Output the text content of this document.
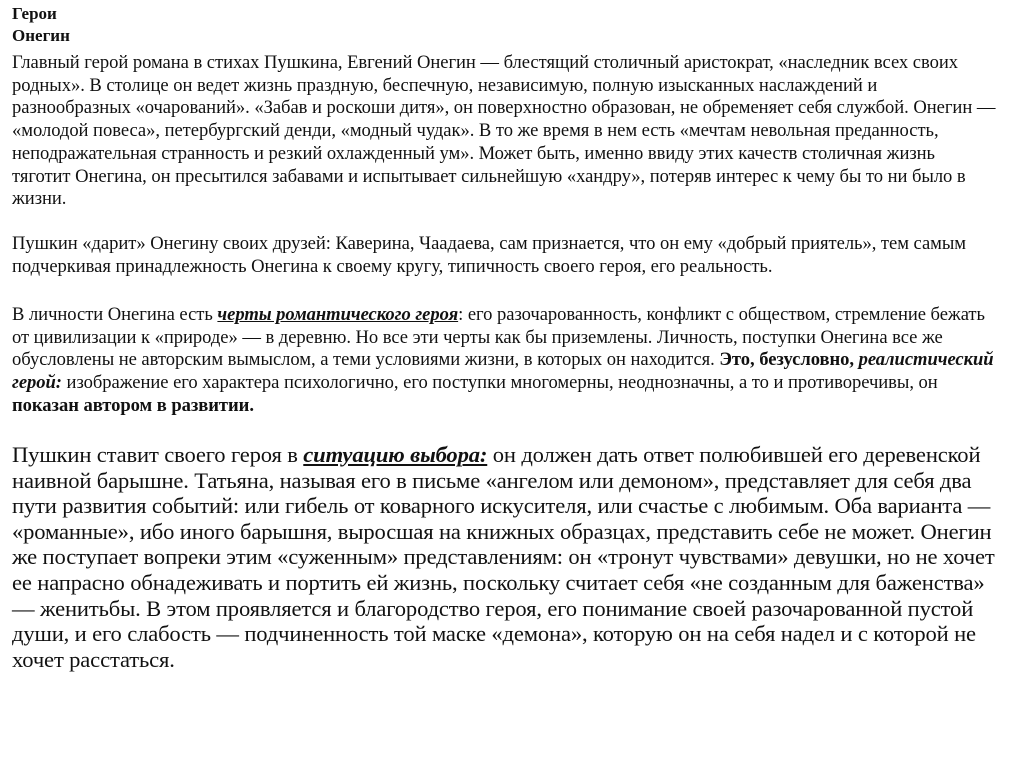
Герои
Онегин

Главный герой романа в стихах Пушкина, Евгений Онегин — блестящий столичный аристократ, «наследник всех своих родных». В столице он ведет жизнь праздную, беспечную, независимую, полную изысканных наслаждений и разнообразных «очарований». «Забав и роскоши дитя», он поверхностно образован, не обременяет себя службой. Онегин — «молодой повеса», петербургский денди, «модный чудак». В то же время в нем есть «мечтам невольная преданность, неподражательная странность и резкий охлажденный ум». Может быть, именно ввиду этих качеств столичная жизнь тяготит Онегина, он пресытился забавами и испытывает сильнейшую «хандру», потеряв интерес к чему бы то ни было в жизни.

Пушкин «дарит» Онегину своих друзей: Каверина, Чаадаева, сам признается, что он ему «добрый приятель», тем самым подчеркивая принадлежность Онегина к своему кругу, типичность своего героя, его реальность.

В личности Онегина есть черты романтического героя: его разочарованность, конфликт с обществом, стремление бежать от цивилизации к «природе» — в деревню. Но все эти черты как бы приземлены. Личность, поступки Онегина все же обусловлены не авторским вымыслом, а теми условиями жизни, в которых он находится. Это, безусловно, реалистический герой: изображение его характера психологично, его поступки многомерны, неоднозначны, а то и противоречивы, он показан автором в развитии.

Пушкин ставит своего героя в ситуацию выбора: он должен дать ответ полюбившей его деревенской наивной барышне. Татьяна, называя его в письме «ангелом или демоном», представляет для себя два пути развития событий: или гибель от коварного искусителя, или счастье с любимым. Оба варианта — «романные», ибо иного барышня, выросшая на книжных образцах, представить себе не может. Онегин же поступает вопреки этим «суженным» представлениям: он «тронут чувствами» девушки, но не хочет ее напрасно обнадеживать и портить ей жизнь, поскольку считает себя «не созданным для баженства» — женитьбы. В этом проявляется и благородство героя, его понимание своей разочарованной пустой души, и его слабость — подчиненность той маске «демона», которую он на себя надел и с которой не хочет расстаться.
